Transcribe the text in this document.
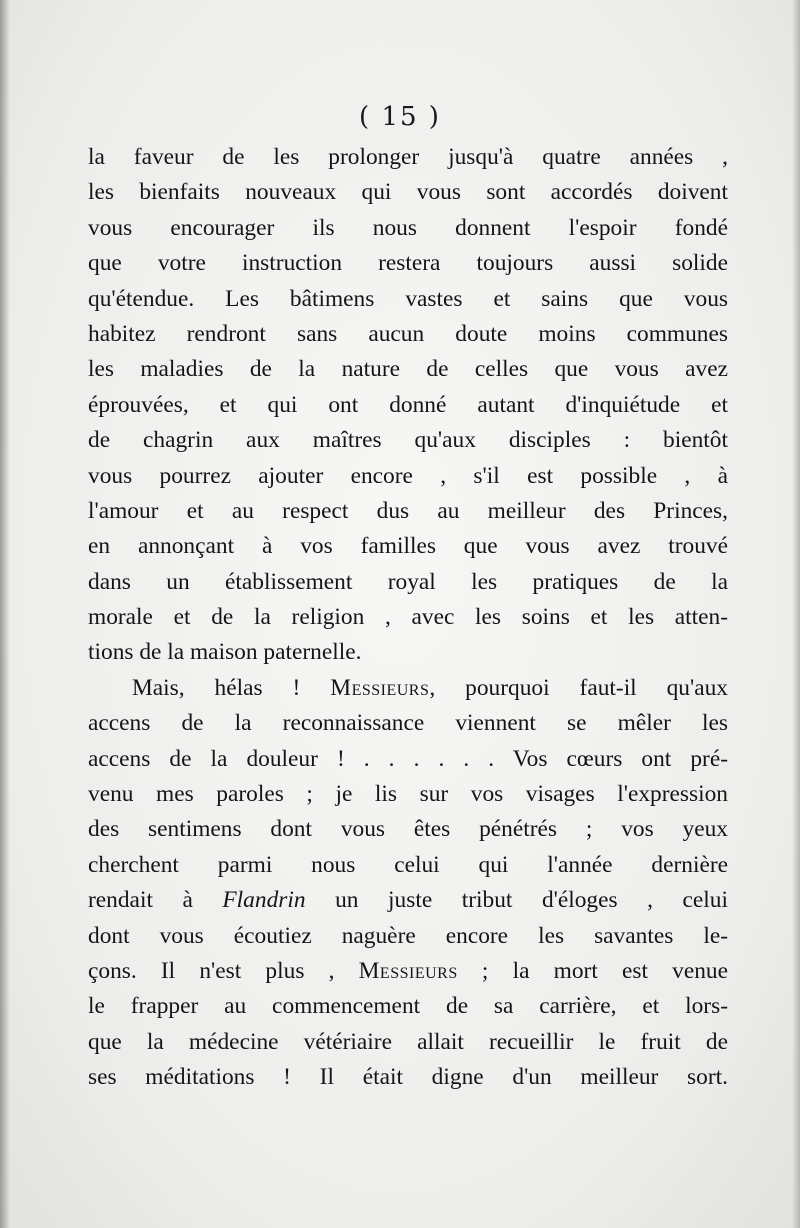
( 15 )
la faveur de les prolonger jusqu'à quatre années ,
les bienfaits nouveaux qui vous sont accordés doivent
vous encourager ils nous donnent l'espoir fondé
que votre instruction restera toujours aussi solide
qu'étendue. Les bâtimens vastes et sains que vous
habitez rendront sans aucun doute moins communes
les maladies de la nature de celles que vous avez
éprouvées, et qui ont donné autant d'inquiétude et
de chagrin aux maîtres qu'aux disciples : bientôt
vous pourrez ajouter encore , s'il est possible , à
l'amour et au respect dus au meilleur des Princes,
en annonçant à vos familles que vous avez trouvé
dans un établissement royal les pratiques de la
morale et de la religion , avec les soins et les atten-
tions de la maison paternelle.
Mais, hélas ! Messieurs, pourquoi faut-il qu'aux
accens de la reconnaissance viennent se mêler les
accens de la douleur ! . . . . . . Vos cœurs ont pré-
venu mes paroles ; je lis sur vos visages l'expression
des sentimens dont vous êtes pénétrés ; vos yeux
cherchent parmi nous celui qui l'année dernière
rendait à Flandrin un juste tribut d'éloges , celui
dont vous écoutiez naguère encore les savantes le-
çons. Il n'est plus , Messieurs ; la mort est venue
le frapper au commencement de sa carrière, et lors-
que la médecine vétériaire allait recueillir le fruit de
ses méditations ! Il était digne d'un meilleur sort.
